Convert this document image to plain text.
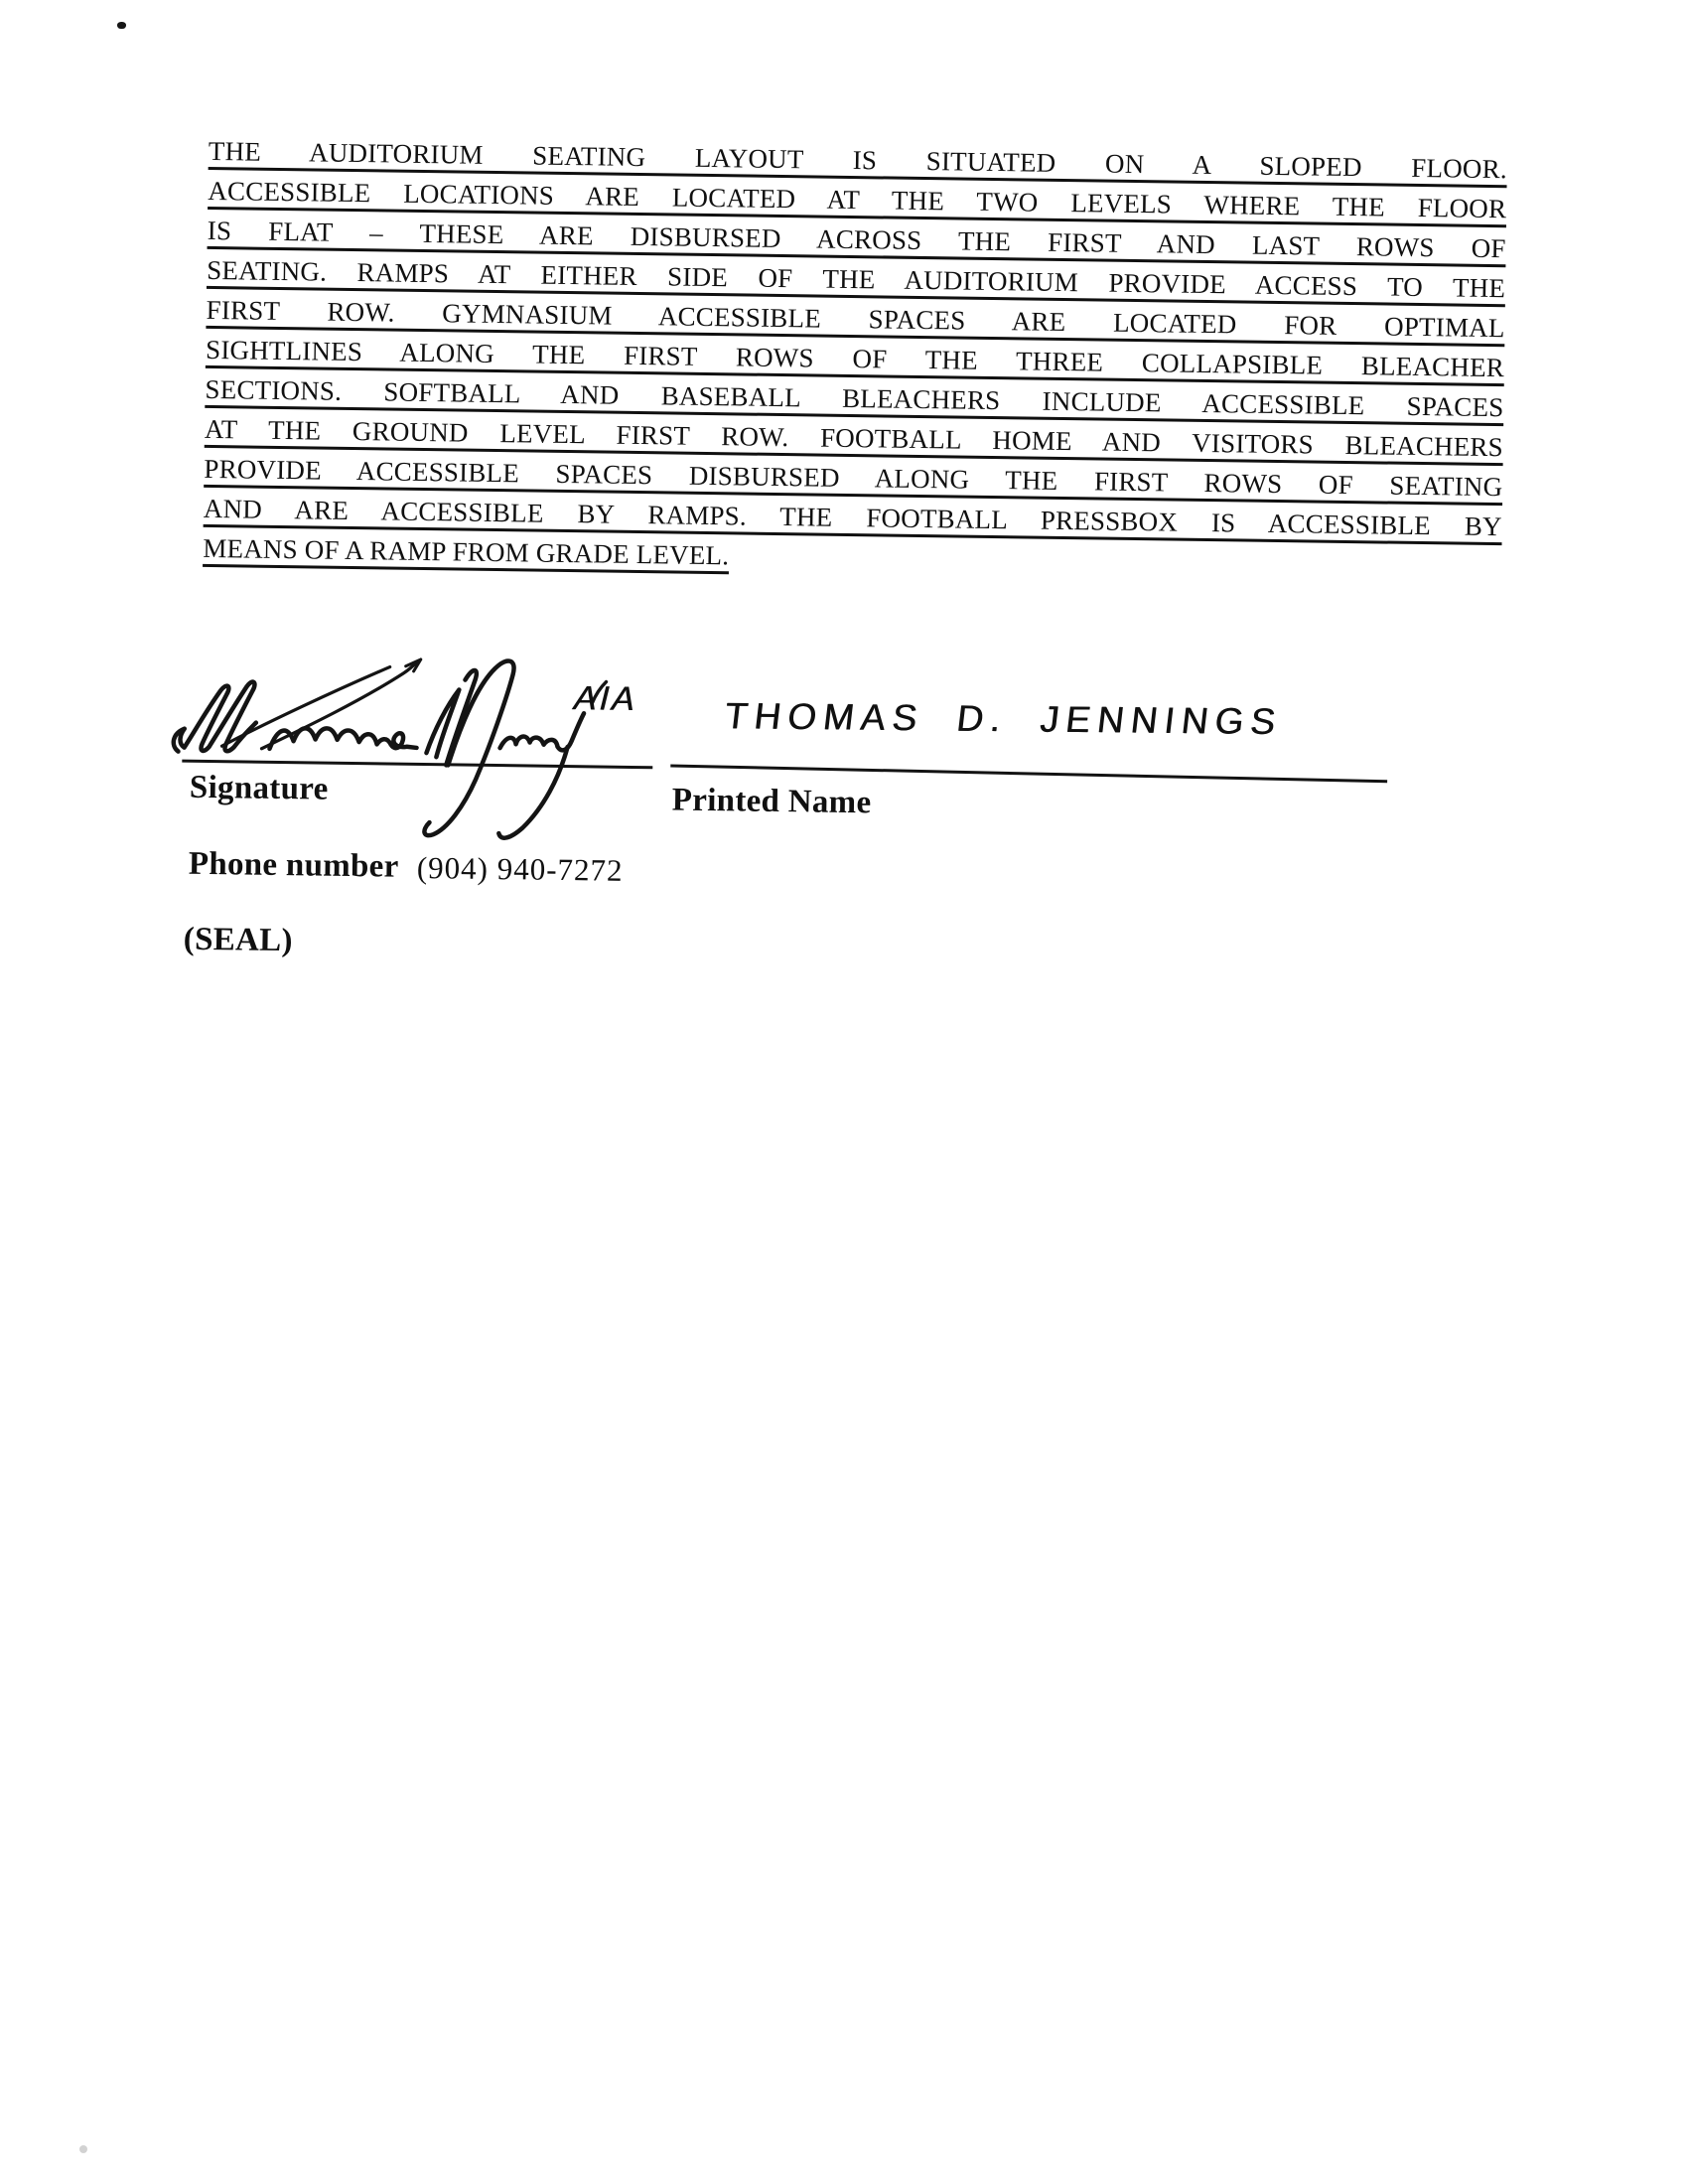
THE AUDITORIUM SEATING LAYOUT IS SITUATED ON A SLOPED FLOOR.
ACCESSIBLE LOCATIONS ARE LOCATED AT THE TWO LEVELS WHERE THE FLOOR
IS FLAT – THESE ARE DISBURSED ACROSS THE FIRST AND LAST ROWS OF
SEATING. RAMPS AT EITHER SIDE OF THE AUDITORIUM PROVIDE ACCESS TO THE
FIRST ROW. GYMNASIUM ACCESSIBLE SPACES ARE LOCATED FOR OPTIMAL
SIGHTLINES ALONG THE FIRST ROWS OF THE THREE COLLAPSIBLE BLEACHER
SECTIONS. SOFTBALL AND BASEBALL BLEACHERS INCLUDE ACCESSIBLE SPACES
AT THE GROUND LEVEL FIRST ROW. FOOTBALL HOME AND VISITORS BLEACHERS
PROVIDE ACCESSIBLE SPACES DISBURSED ALONG THE FIRST ROWS OF SEATING
AND ARE ACCESSIBLE BY RAMPS. THE FOOTBALL PRESSBOX IS ACCESSIBLE BY
MEANS OF A RAMP FROM GRADE LEVEL.
AIA THOMAS D. JENNINGS
Signature	Printed Name
Phone number (904) 940-7272
(SEAL)
